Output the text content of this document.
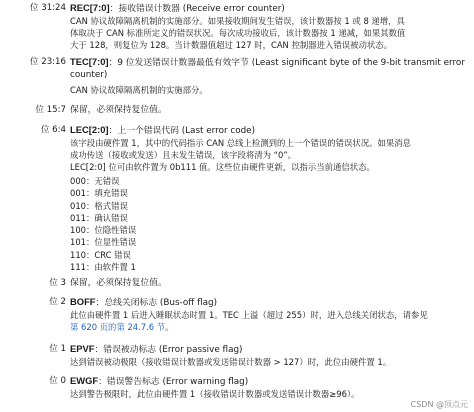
位 31:24 REC[7:0]：接收错误计数器 (Receive error counter)

CAN 协议故障隔离机制的实施部分。如果接收期间发生错误，该计数器按 1 或 8 递增，具

体取决于 CAN 标准所定义的错误状况。每次成功接收后，该计数器按 1 递减，如果其数值

大于 128，则复位为 128。当计数器值超过 127 时，CAN 控制器进入错误被动状态。

位 23:16 TEC[7:0]：9 位发送错误计数器最低有效字节 (Least significant byte of the 9-bit transmit error
counter)

CAN 协议故障隔离机制的实施部分。

位 15:7 保留，必须保持复位值。
位 6:4 LEC[2:0]：上一个错误代码 (Last error code)

该字段由硬件置 1，其中的代码指示 CAN 总线上检测到的上一个错误的错误状况。如果消息

成功传送（接收或发送）且未发生错误，该字段将清为 “0”。

LEC[2:0] 位可由软件置为 0b111 值。这些位由硬件更新，以指示当前通信状态。

000：无错误
001：填充错误
010：格式错误
011：确认错误
100：位隐性错误
101：位显性错误
110：CRC 错误
111：由软件置 1
位 3 保留，必须保持复位值。
位 2 BOFF：总线关闭标志 (Bus-off flag)

此位由硬件置 1 后进入睡眠状态时置 1。TEC 上溢（超过 255）时，进入总线关闭状态，请参见

第 620 页的第 24.7.6 节。

位 1 EPVF：错误被动标志 (Error passive flag)

达到错误被动极限（接收错误计数器或发送错误计数器 > 127）时，此位由硬件置 1。

位 0 EWGF：错误警告标志 (Error warning flag)

达到警告极限时，此位由硬件置 1（接收错误计数器或发送错误计数器≥96）。

CSDN @顶点元
